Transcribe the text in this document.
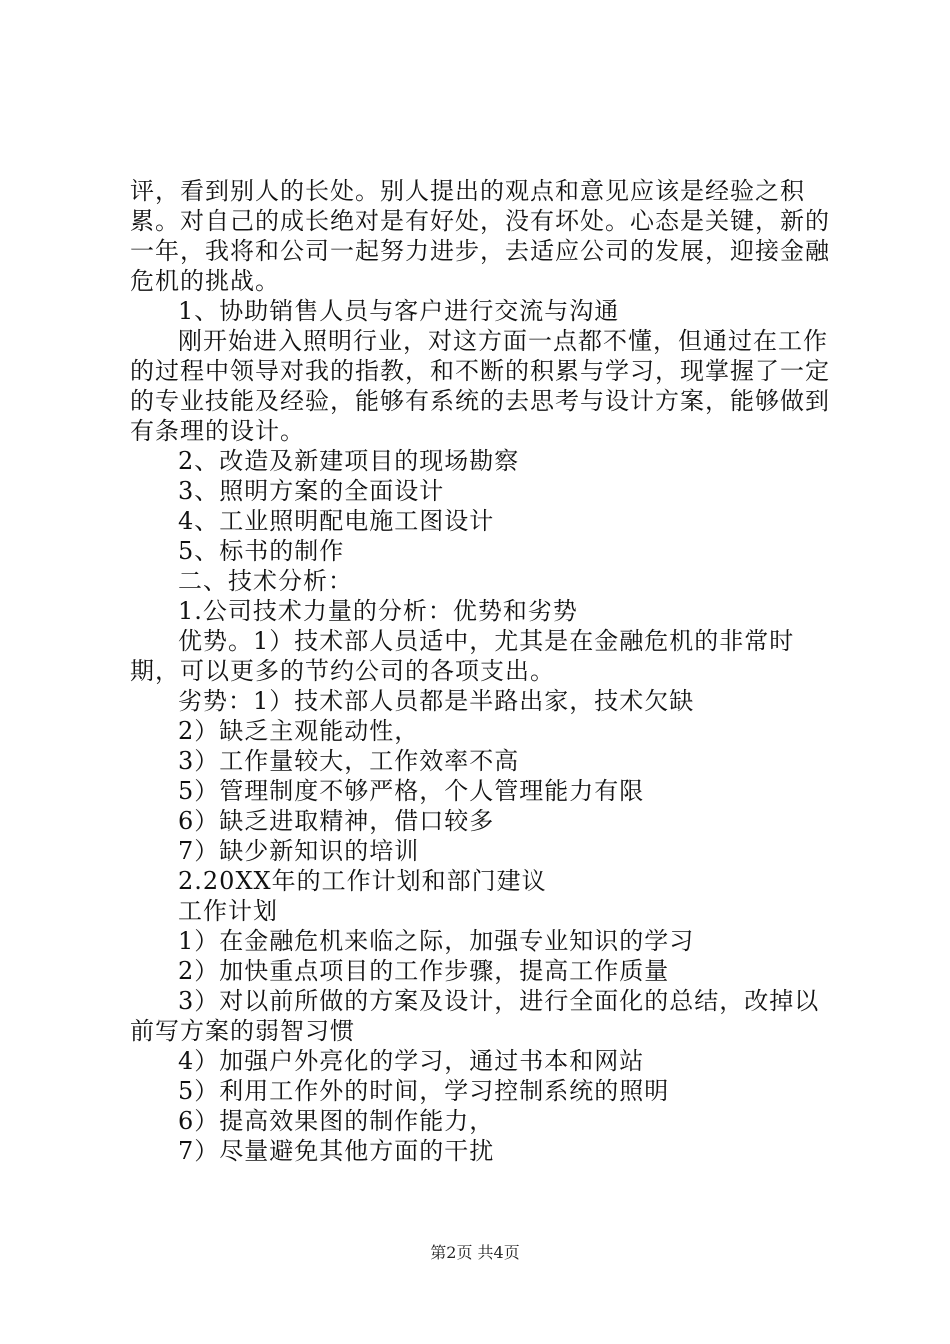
评，看到别人的长处。别人提出的观点和意见应该是经验之积累。对自己的成长绝对是有好处，没有坏处。心态是关键，新的一年，我将和公司一起努力进步，去适应公司的发展，迎接金融危机的挑战。

1、协助销售人员与客户进行交流与沟通

刚开始进入照明行业，对这方面一点都不懂，但通过在工作的过程中领导对我的指教，和不断的积累与学习，现掌握了一定的专业技能及经验，能够有系统的去思考与设计方案，能够做到有条理的设计。

2、改造及新建项目的现场勘察

3、照明方案的全面设计

4、工业照明配电施工图设计

5、标书的制作

二、技术分析：

1.公司技术力量的分析：优势和劣势

优势。1）技术部人员适中，尤其是在金融危机的非常时期，可以更多的节约公司的各项支出。

劣势：1）技术部人员都是半路出家，技术欠缺

2）缺乏主观能动性，

3）工作量较大，工作效率不高

5）管理制度不够严格，个人管理能力有限

6）缺乏进取精神，借口较多

7）缺少新知识的培训

2.20XX年的工作计划和部门建议

工作计划

1）在金融危机来临之际，加强专业知识的学习

2）加快重点项目的工作步骤，提高工作质量

3）对以前所做的方案及设计，进行全面化的总结，改掉以前写方案的弱智习惯

4）加强户外亮化的学习，通过书本和网站

5）利用工作外的时间，学习控制系统的照明

6）提高效果图的制作能力，

7）尽量避免其他方面的干扰

第2页 共4页
